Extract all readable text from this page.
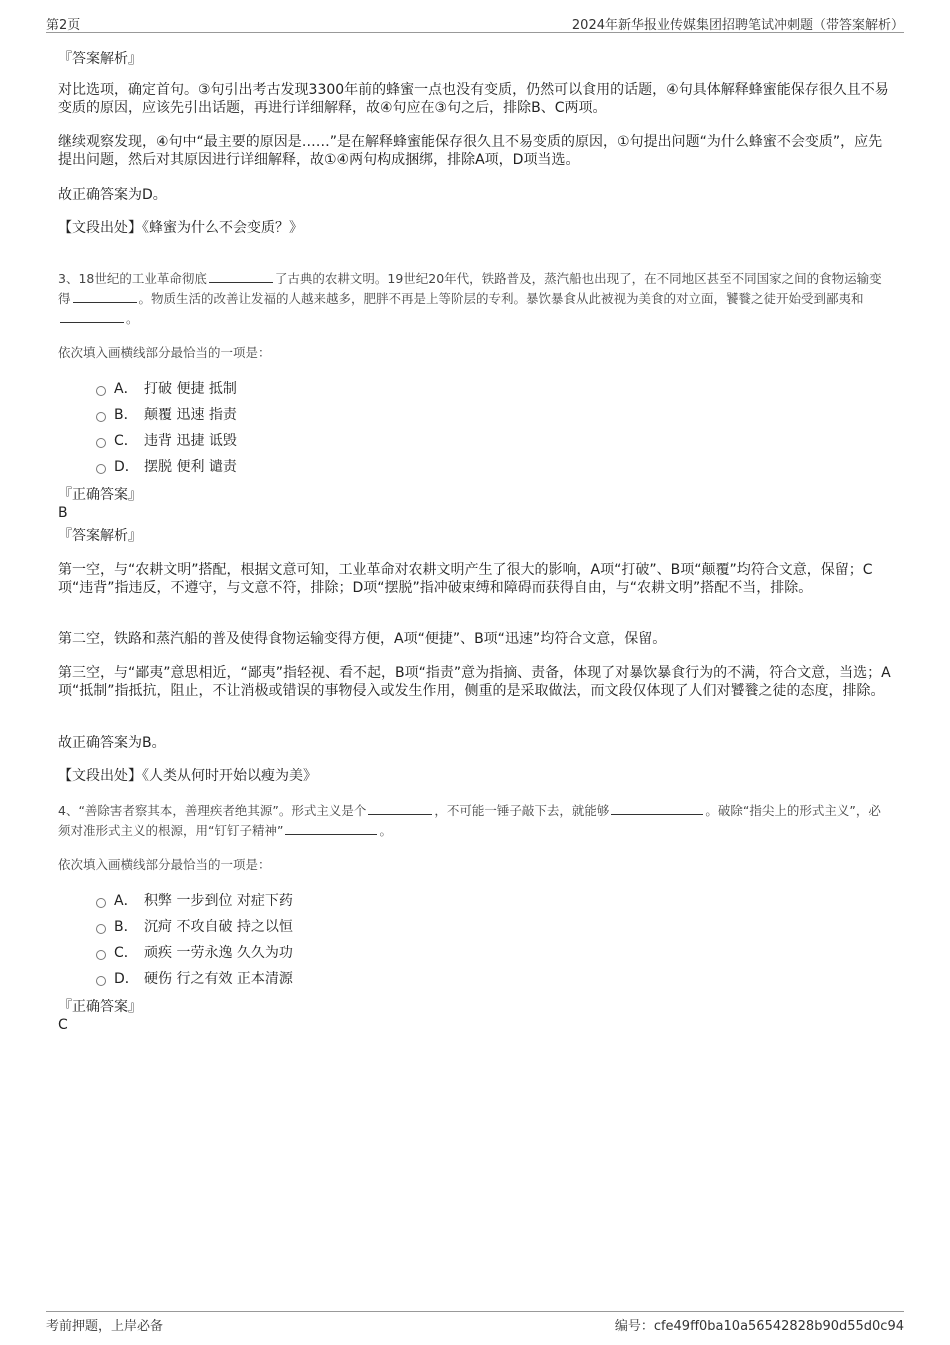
第2页	2024年新华报业传媒集团招聘笔试冲刺题（带答案解析）
『答案解析』
对比选项，确定首句。③句引出考古发现3300年前的蜂蜜一点也没有变质，仍然可以食用的话题，④句具体解释蜂蜜能保存很久且不易变质的原因，应该先引出话题，再进行详细解释，故④句应在③句之后，排除B、C两项。
继续观察发现，④句中“最主要的原因是……”是在解释蜂蜜能保存很久且不易变质的原因，①句提出问题“为什么蜂蜜不会变质”，应先提出问题，然后对其原因进行详细解释，故①④两句构成捆绑，排除A项，D项当选。
故正确答案为D。
【文段出处】《蜂蜜为什么不会变质？》
3、18世纪的工业革命彻底	了古典的农耕文明。19世纪20年代，铁路普及，蒸汽船也出现了，在不同地区甚至不同国家之间的食物运输变得	。物质生活的改善让发福的人越来越多，肥胖不再是上等阶层的专利。暴饮暴食从此被视为美食的对立面，饕餮之徒开始受到鄙夷和。
依次填入画横线部分最恰当的一项是：
A． 打破 便捷 抵制
B． 颠覆 迅速 指责
C． 违背 迅捷 诋毁
D． 摆脱 便利 谴责
『正确答案』
B
『答案解析』
第一空，与“农耕文明”搭配，根据文意可知，工业革命对农耕文明产生了很大的影响，A项“打破”、B项“颠覆”均符合文意，保留；C项“违背”指违反，不遵守，与文意不符，排除；D项“摆脱”指冲破束缚和障碍而获得自由，与“农耕文明”搭配不当，排除。
第二空，铁路和蒸汽船的普及使得食物运输变得方便，A项“便捷”、B项“迅速”均符合文意，保留。
第三空，与“鄙夷”意思相近，“鄙夷”指轻视、看不起，B项“指责”意为指摘、责备，体现了对暴饮暴食行为的不满，符合文意，当选；A项“抵制”指抵抗，阻止，不让消极或错误的事物侵入或发生作用，侧重的是采取做法，而文段仅体现了人们对饕餮之徒的态度，排除。
故正确答案为B。
【文段出处】《人类从何时开始以瘦为美》
4、“善除害者察其本，善理疾者绝其源”。形式主义是个	，不可能一锤子敲下去，就能够	。破除“指尖上的形式主义”，必须对准形式主义的根源，用“钉钉子精神”	。
依次填入画横线部分最恰当的一项是：
A． 积弊 一步到位 对症下药
B． 沉疴 不攻自破 持之以恒
C． 顽疾 一劳永逸 久久为功
D． 硬伤 行之有效 正本清源
『正确答案』
C
考前押题，上岸必备	编号：cfe49ff0ba10a56542828b90d55d0c94
